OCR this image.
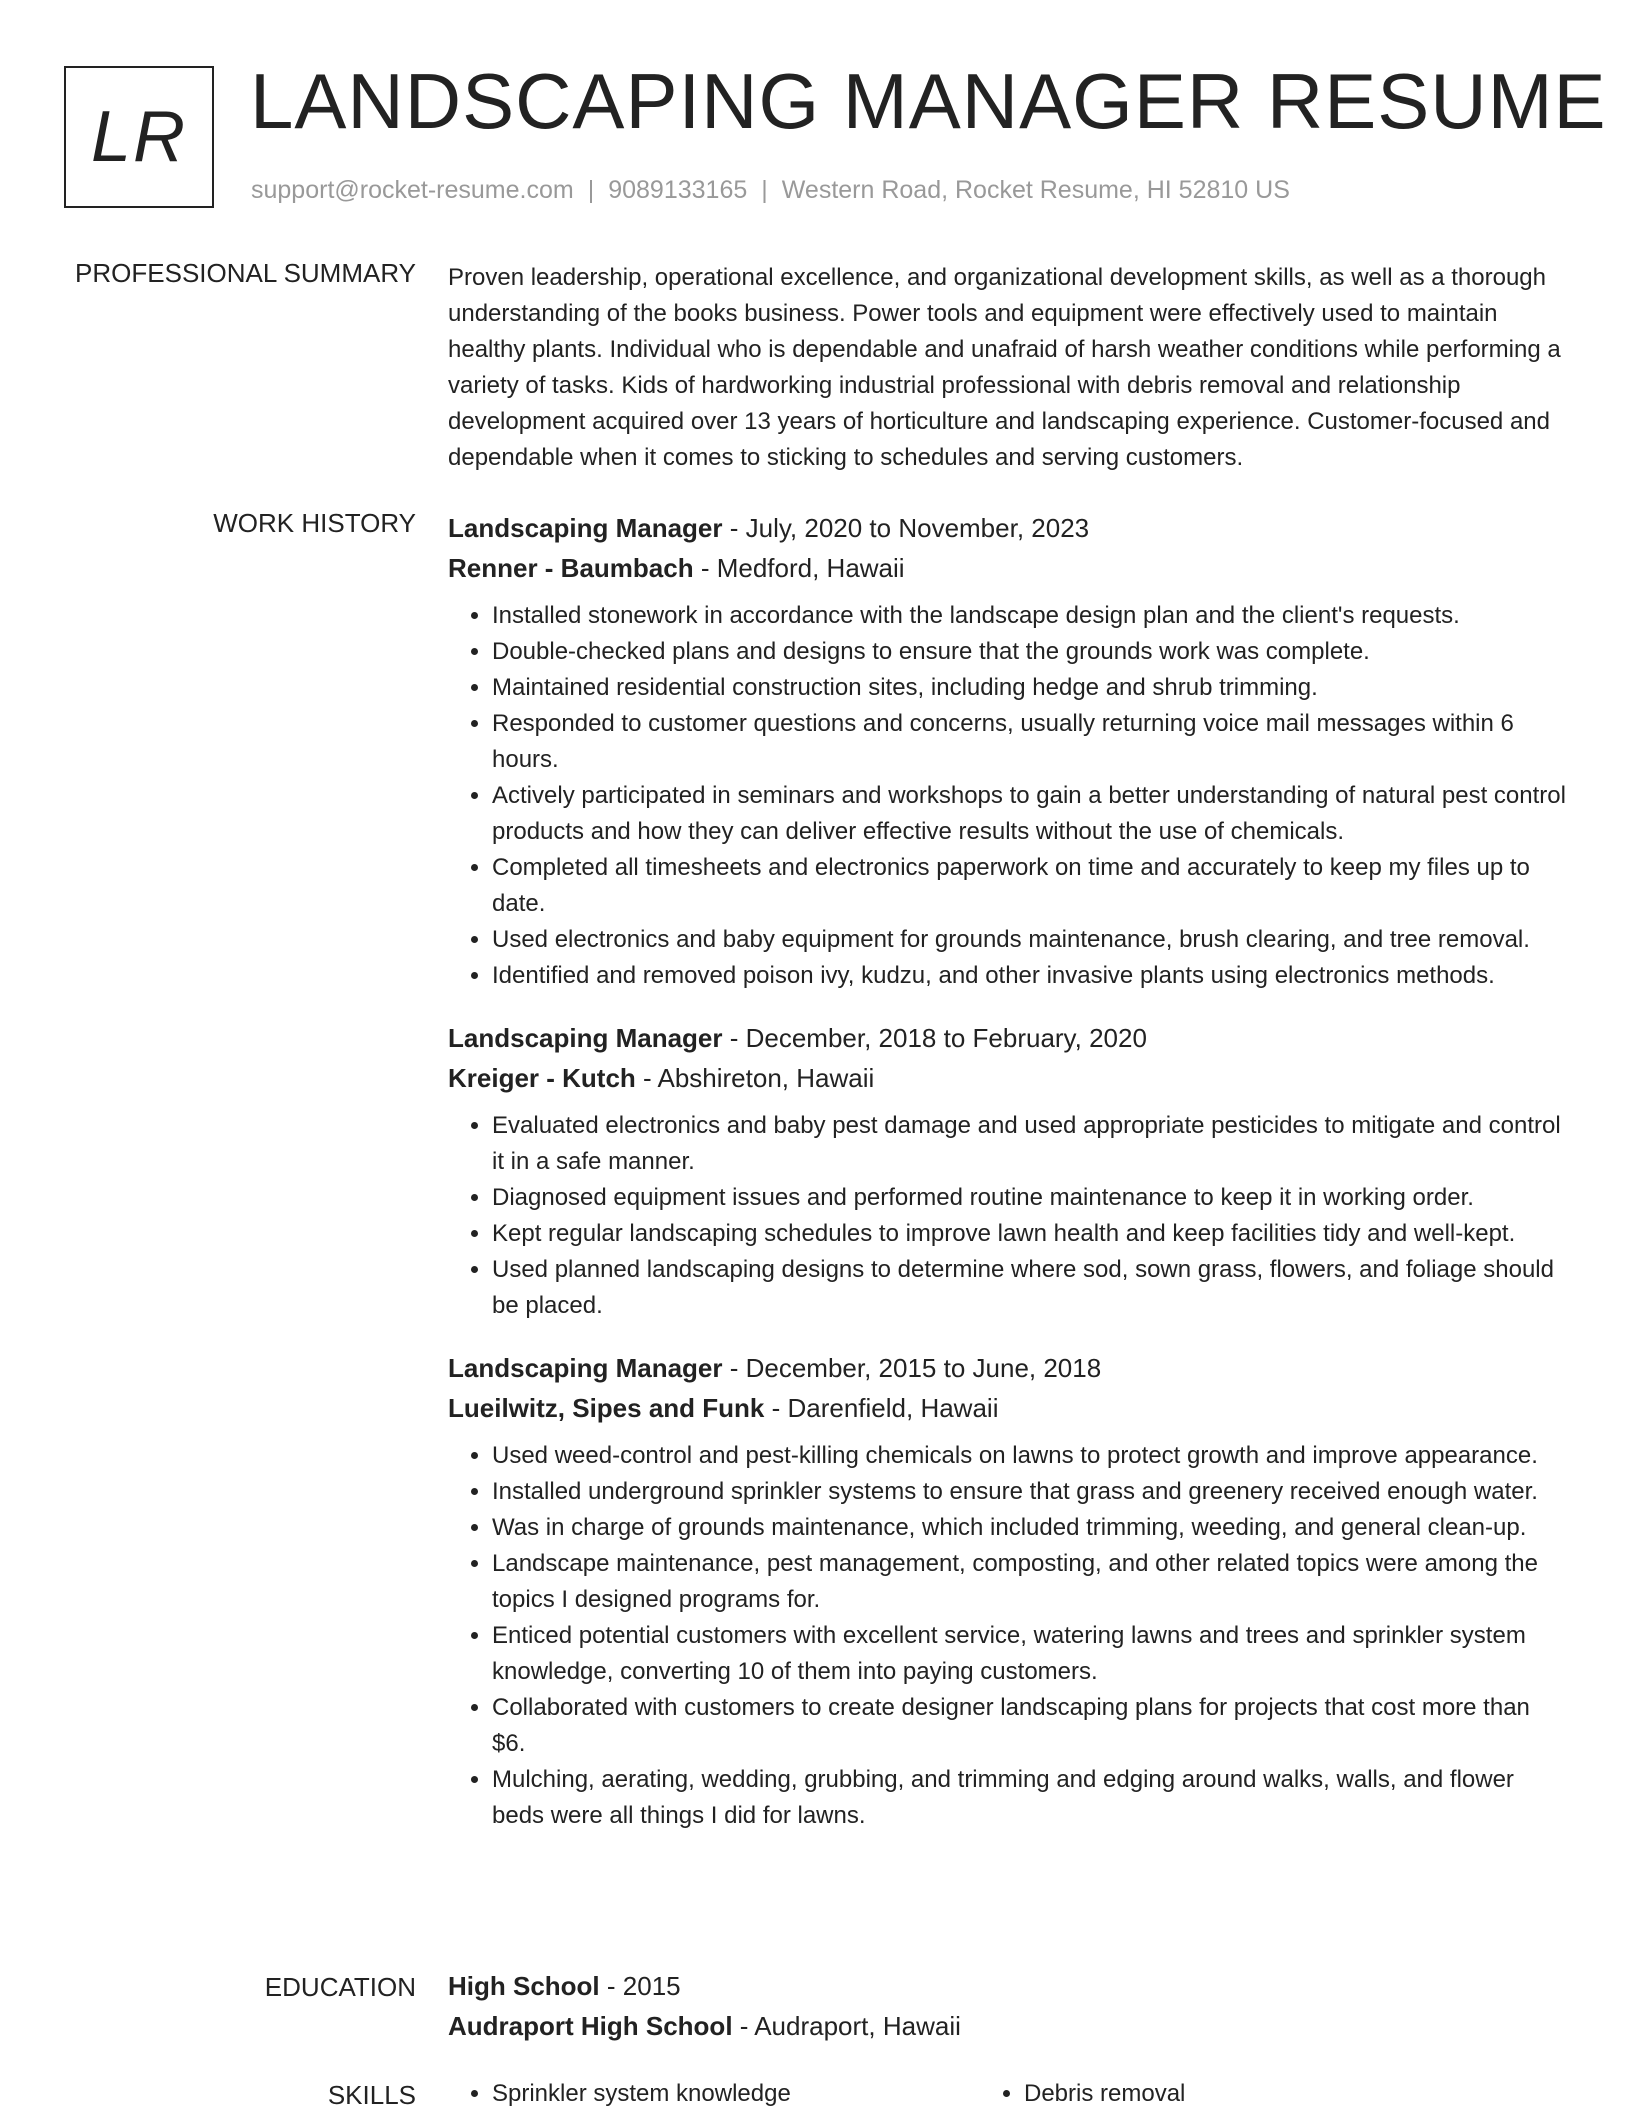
LR LANDSCAPING MANAGER RESUME
support@rocket-resume.com | 9089133165 | Western Road, Rocket Resume, HI 52810 US
PROFESSIONAL SUMMARY Proven leadership, operational excellence, and organizational development skills, as well as a thorough understanding of the books business. Power tools and equipment were effectively used to maintain healthy plants. Individual who is dependable and unafraid of harsh weather conditions while performing a variety of tasks. Kids of hardworking industrial professional with debris removal and relationship development acquired over 13 years of horticulture and landscaping experience. Customer-focused and dependable when it comes to sticking to schedules and serving customers.

WORK HISTORY Landscaping Manager - July, 2020 to November, 2023
Renner - Baumbach - Medford, Hawaii
• Installed stonework in accordance with the landscape design plan and the client's requests.
• Double-checked plans and designs to ensure that the grounds work was complete.
• Maintained residential construction sites, including hedge and shrub trimming.
• Responded to customer questions and concerns, usually returning voice mail messages within 6 hours.
• Actively participated in seminars and workshops to gain a better understanding of natural pest control products and how they can deliver effective results without the use of chemicals.
• Completed all timesheets and electronics paperwork on time and accurately to keep my files up to date.
• Used electronics and baby equipment for grounds maintenance, brush clearing, and tree removal.
• Identified and removed poison ivy, kudzu, and other invasive plants using electronics methods.
Landscaping Manager - December, 2018 to February, 2020
Kreiger - Kutch - Abshireton, Hawaii
• Evaluated electronics and baby pest damage and used appropriate pesticides to mitigate and control it in a safe manner.
• Diagnosed equipment issues and performed routine maintenance to keep it in working order.
• Kept regular landscaping schedules to improve lawn health and keep facilities tidy and well-kept.
• Used planned landscaping designs to determine where sod, sown grass, flowers, and foliage should be placed.
Landscaping Manager - December, 2015 to June, 2018
Lueilwitz, Sipes and Funk - Darenfield, Hawaii
• Used weed-control and pest-killing chemicals on lawns to protect growth and improve appearance.
• Installed underground sprinkler systems to ensure that grass and greenery received enough water.
• Was in charge of grounds maintenance, which included trimming, weeding, and general clean-up.
• Landscape maintenance, pest management, composting, and other related topics were among the topics I designed programs for.
• Enticed potential customers with excellent service, watering lawns and trees and sprinkler system knowledge, converting 10 of them into paying customers.
• Collaborated with customers to create designer landscaping plans for projects that cost more than $6.
• Mulching, aerating, wedding, grubbing, and trimming and edging around walks, walls, and flower beds were all things I did for lawns.
EDUCATION High School - 2015
Audraport High School - Audraport, Hawaii
SKILLS	• Sprinkler system knowledge	• Debris removal
